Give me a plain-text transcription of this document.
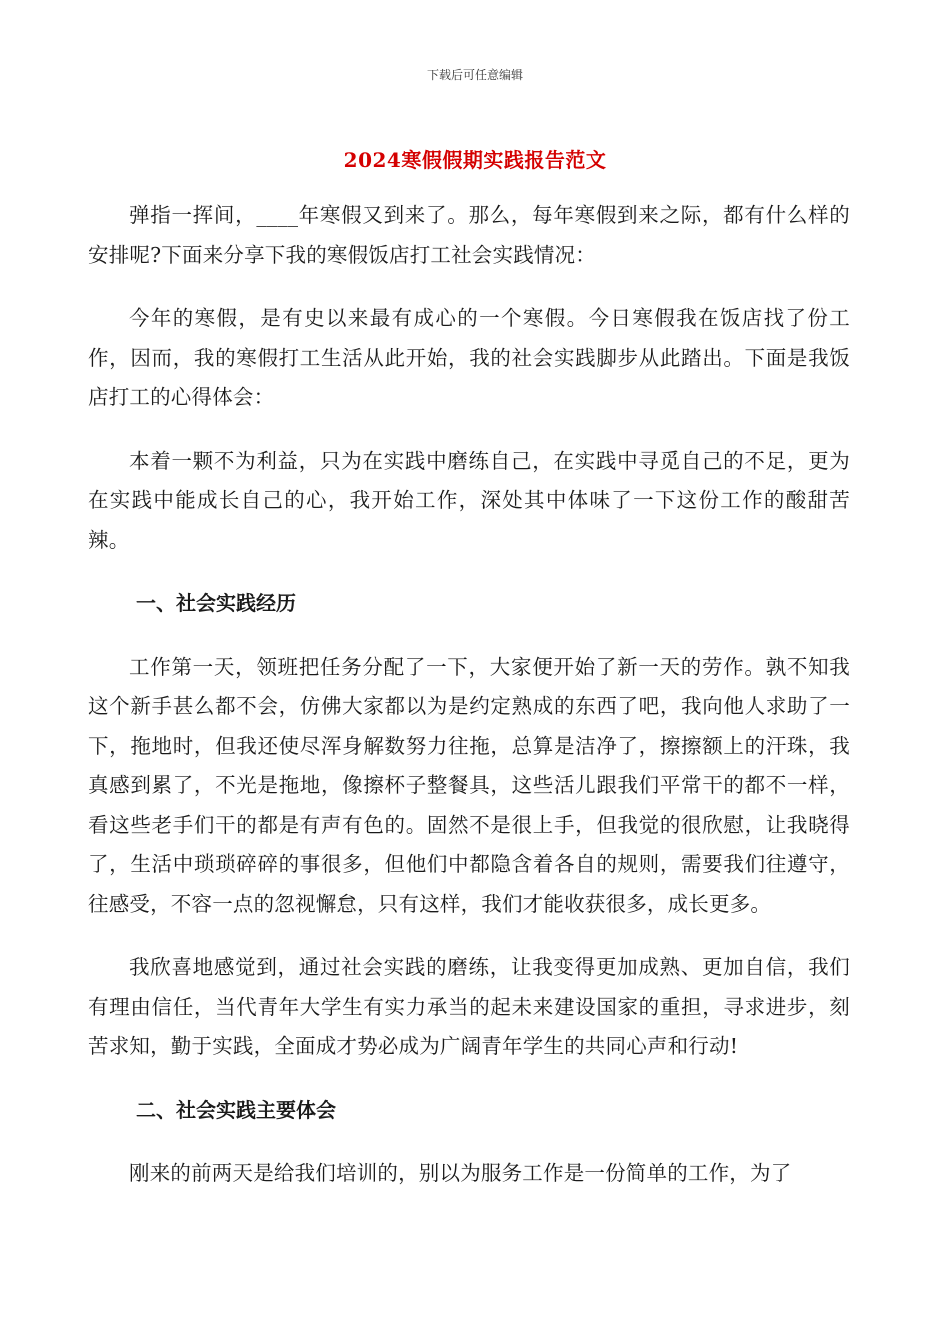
下载后可任意编辑
2024寒假假期实践报告范文

弹指一挥间，____年寒假又到来了。那么，每年寒假到来之际，都有什么样的安排呢?下面来分享下我的寒假饭店打工社会实践情况：

今年的寒假，是有史以来最有成心的一个寒假。今日寒假我在饭店找了份工作，因而，我的寒假打工生活从此开始，我的社会实践脚步从此踏出。下面是我饭店打工的心得体会：

本着一颗不为利益，只为在实践中磨练自己，在实践中寻觅自己的不足，更为在实践中能成长自己的心，我开始工作，深处其中体味了一下这份工作的酸甜苦辣。

一、社会实践经历

工作第一天，领班把任务分配了一下，大家便开始了新一天的劳作。孰不知我这个新手甚么都不会，仿佛大家都以为是约定熟成的东西了吧，我向他人求助了一下，拖地时，但我还使尽浑身解数努力往拖，总算是洁净了，擦擦额上的汗珠，我真感到累了，不光是拖地，像擦杯子整餐具，这些活儿跟我们平常干的都不一样，看这些老手们干的都是有声有色的。固然不是很上手，但我觉的很欣慰，让我晓得了，生活中琐琐碎碎的事很多，但他们中都隐含着各自的规则，需要我们往遵守，往感受，不容一点的忽视懈怠，只有这样，我们才能收获很多，成长更多。

我欣喜地感觉到，通过社会实践的磨练，让我变得更加成熟、更加自信，我们有理由信任，当代青年大学生有实力承当的起未来建设国家的重担，寻求进步，刻苦求知，勤于实践，全面成才势必成为广阔青年学生的共同心声和行动!

二、社会实践主要体会

刚来的前两天是给我们培训的，别以为服务工作是一份简单的工作，为了
